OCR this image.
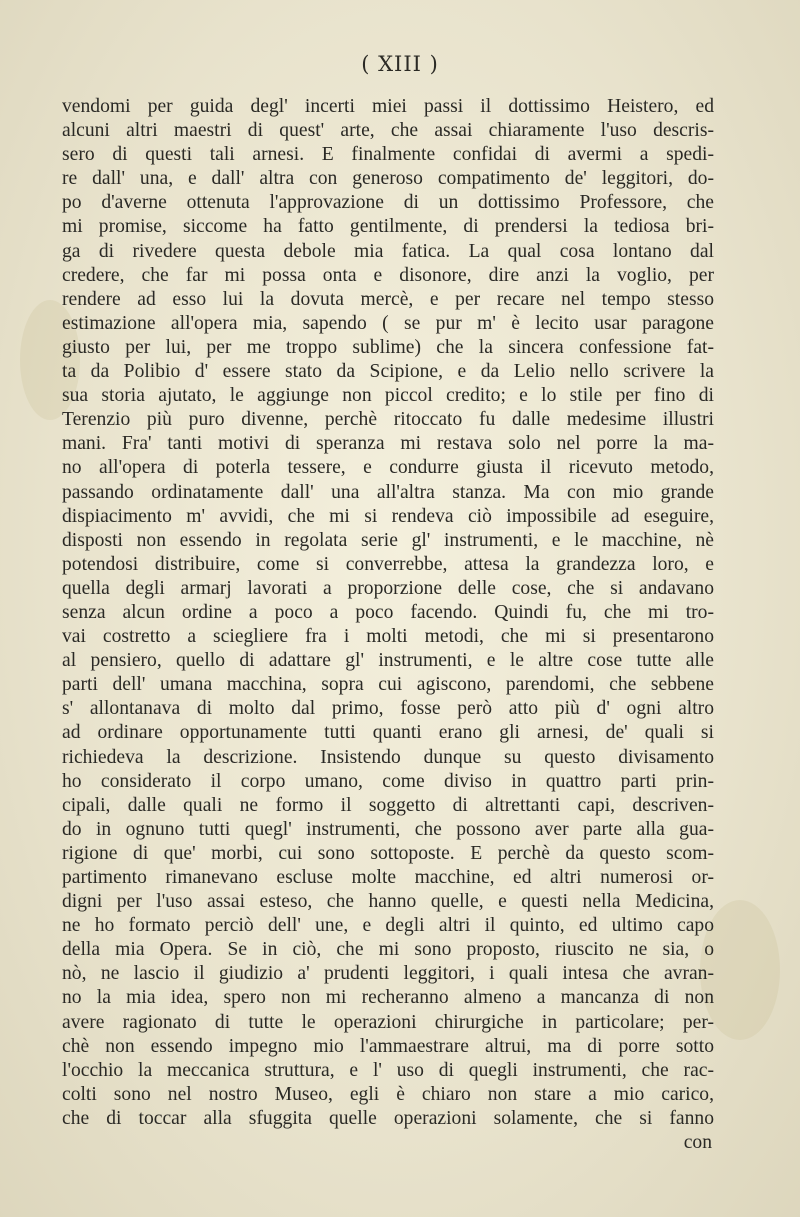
( XIII )
vendomi per guida degl' incerti miei passi il dottissimo Heistero, ed
alcuni altri maestri di quest' arte, che assai chiaramente l'uso descris-
sero di questi tali arnesi. E finalmente confidai di avermi a spedi-
re dall' una, e dall' altra con generoso compatimento de' leggitori, do-
po d'averne ottenuta l'approvazione di un dottissimo Professore, che
mi promise, siccome ha fatto gentilmente, di prendersi la tediosa bri-
ga di rivedere questa debole mia fatica. La qual cosa lontano dal
credere, che far mi possa onta e disonore, dire anzi la voglio, per
rendere ad esso lui la dovuta mercè, e per recare nel tempo stesso
estimazione all'opera mia, sapendo ( se pur m' è lecito usar paragone
giusto per lui, per me troppo sublime) che la sincera confessione fat-
ta da Polibio d' essere stato da Scipione, e da Lelio nello scrivere la
sua storia ajutato, le aggiunge non piccol credito; e lo stile per fino di
Terenzio più puro divenne, perchè ritoccato fu dalle medesime illustri
mani. Fra' tanti motivi di speranza mi restava solo nel porre la ma-
no all'opera di poterla tessere, e condurre giusta il ricevuto metodo,
passando ordinatamente dall' una all'altra stanza. Ma con mio grande
dispiacimento m' avvidi, che mi si rendeva ciò impossibile ad eseguire,
disposti non essendo in regolata serie gl' instrumenti, e le macchine, nè
potendosi distribuire, come si converrebbe, attesa la grandezza loro, e
quella degli armarj lavorati a proporzione delle cose, che si andavano
senza alcun ordine a poco a poco facendo. Quindi fu, che mi tro-
vai costretto a sciegliere fra i molti metodi, che mi si presentarono
al pensiero, quello di adattare gl' instrumenti, e le altre cose tutte alle
parti dell' umana macchina, sopra cui agiscono, parendomi, che sebbene
s' allontanava di molto dal primo, fosse però atto più d' ogni altro
ad ordinare opportunamente tutti quanti erano gli arnesi, de' quali si
richiedeva la descrizione. Insistendo dunque su questo divisamento
ho considerato il corpo umano, come diviso in quattro parti prin-
cipali, dalle quali ne formo il soggetto di altrettanti capi, descriven-
do in ognuno tutti quegl' instrumenti, che possono aver parte alla gua-
rigione di que' morbi, cui sono sottoposte. E perchè da questo scom-
partimento rimanevano escluse molte macchine, ed altri numerosi or-
digni per l'uso assai esteso, che hanno quelle, e questi nella Medicina,
ne ho formato perciò dell' une, e degli altri il quinto, ed ultimo capo
della mia Opera. Se in ciò, che mi sono proposto, riuscito ne sia, o
nò, ne lascio il giudizio a' prudenti leggitori, i quali intesa che avran-
no la mia idea, spero non mi recheranno almeno a mancanza di non
avere ragionato di tutte le operazioni chirurgiche in particolare; per-
chè non essendo impegno mio l'ammaestrare altrui, ma di porre sotto
l'occhio la meccanica struttura, e l' uso di quegli instrumenti, che rac-
colti sono nel nostro Museo, egli è chiaro non stare a mio carico,
che di toccar alla sfuggita quelle operazioni solamente, che si fanno
con
